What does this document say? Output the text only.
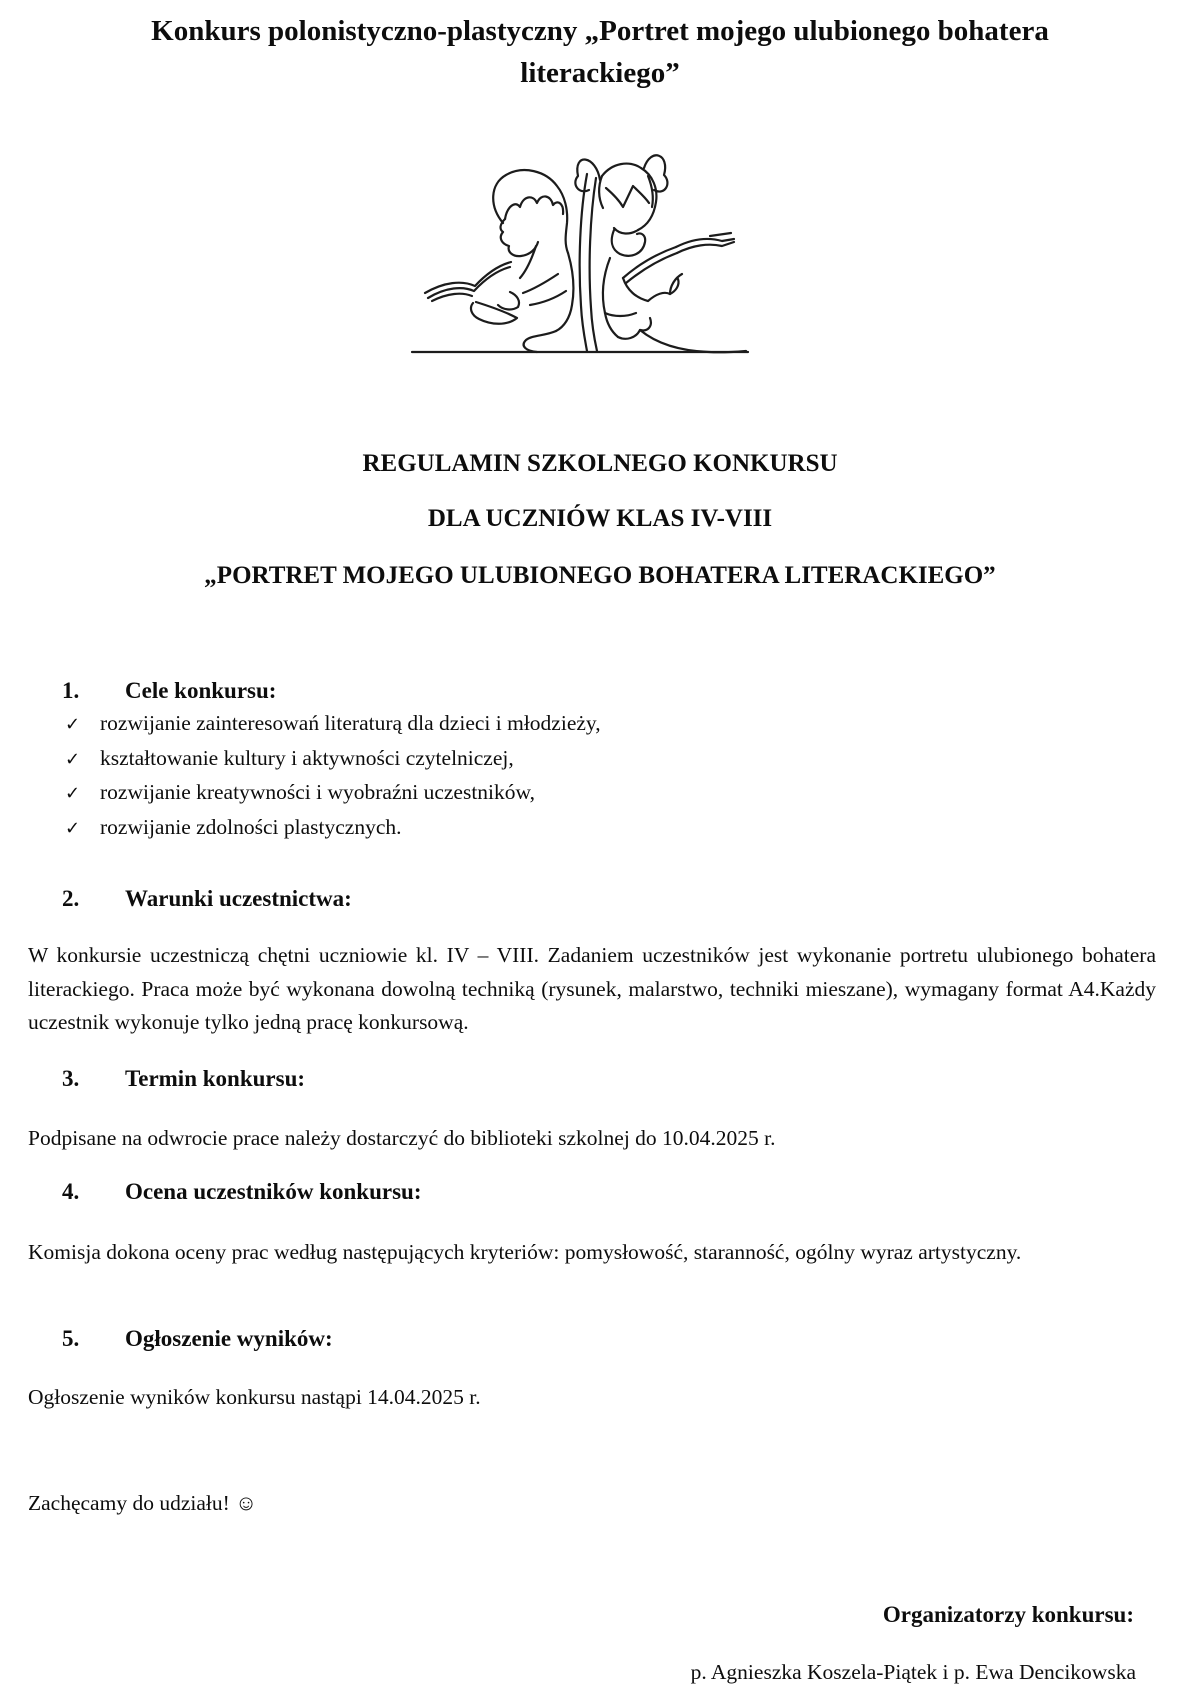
Konkurs polonistyczno-plastyczny „Portret mojego ulubionego bohatera literackiego”
REGULAMIN SZKOLNEGO KONKURSU
DLA UCZNIÓW KLAS IV-VIII
„PORTRET MOJEGO ULUBIONEGO BOHATERA LITERACKIEGO”
1.	Cele konkursu:
✓ rozwijanie zainteresowań literaturą dla dzieci i młodzieży,
✓ kształtowanie kultury i aktywności czytelniczej,
✓ rozwijanie kreatywności i wyobraźni uczestników,
✓ rozwijanie zdolności plastycznych.
2.	Warunki uczestnictwa:
W konkursie uczestniczą chętni uczniowie kl. IV – VIII. Zadaniem uczestników jest wykonanie portretu ulubionego bohatera literackiego. Praca może być wykonana dowolną techniką (rysunek, malarstwo, techniki mieszane), wymagany format A4.Każdy uczestnik wykonuje tylko jedną pracę konkursową.
3.	Termin konkursu:
Podpisane na odwrocie prace należy dostarczyć do biblioteki szkolnej do 10.04.2025 r.
4.	Ocena uczestników konkursu:
Komisja dokona oceny prac według następujących kryteriów: pomysłowość, staranność, ogólny wyraz artystyczny.
5.	Ogłoszenie wyników:
Ogłoszenie wyników konkursu nastąpi 14.04.2025 r.
Zachęcamy do udziału! ☺
Organizatorzy konkursu:
p. Agnieszka Koszela-Piątek i p. Ewa Dencikowska
